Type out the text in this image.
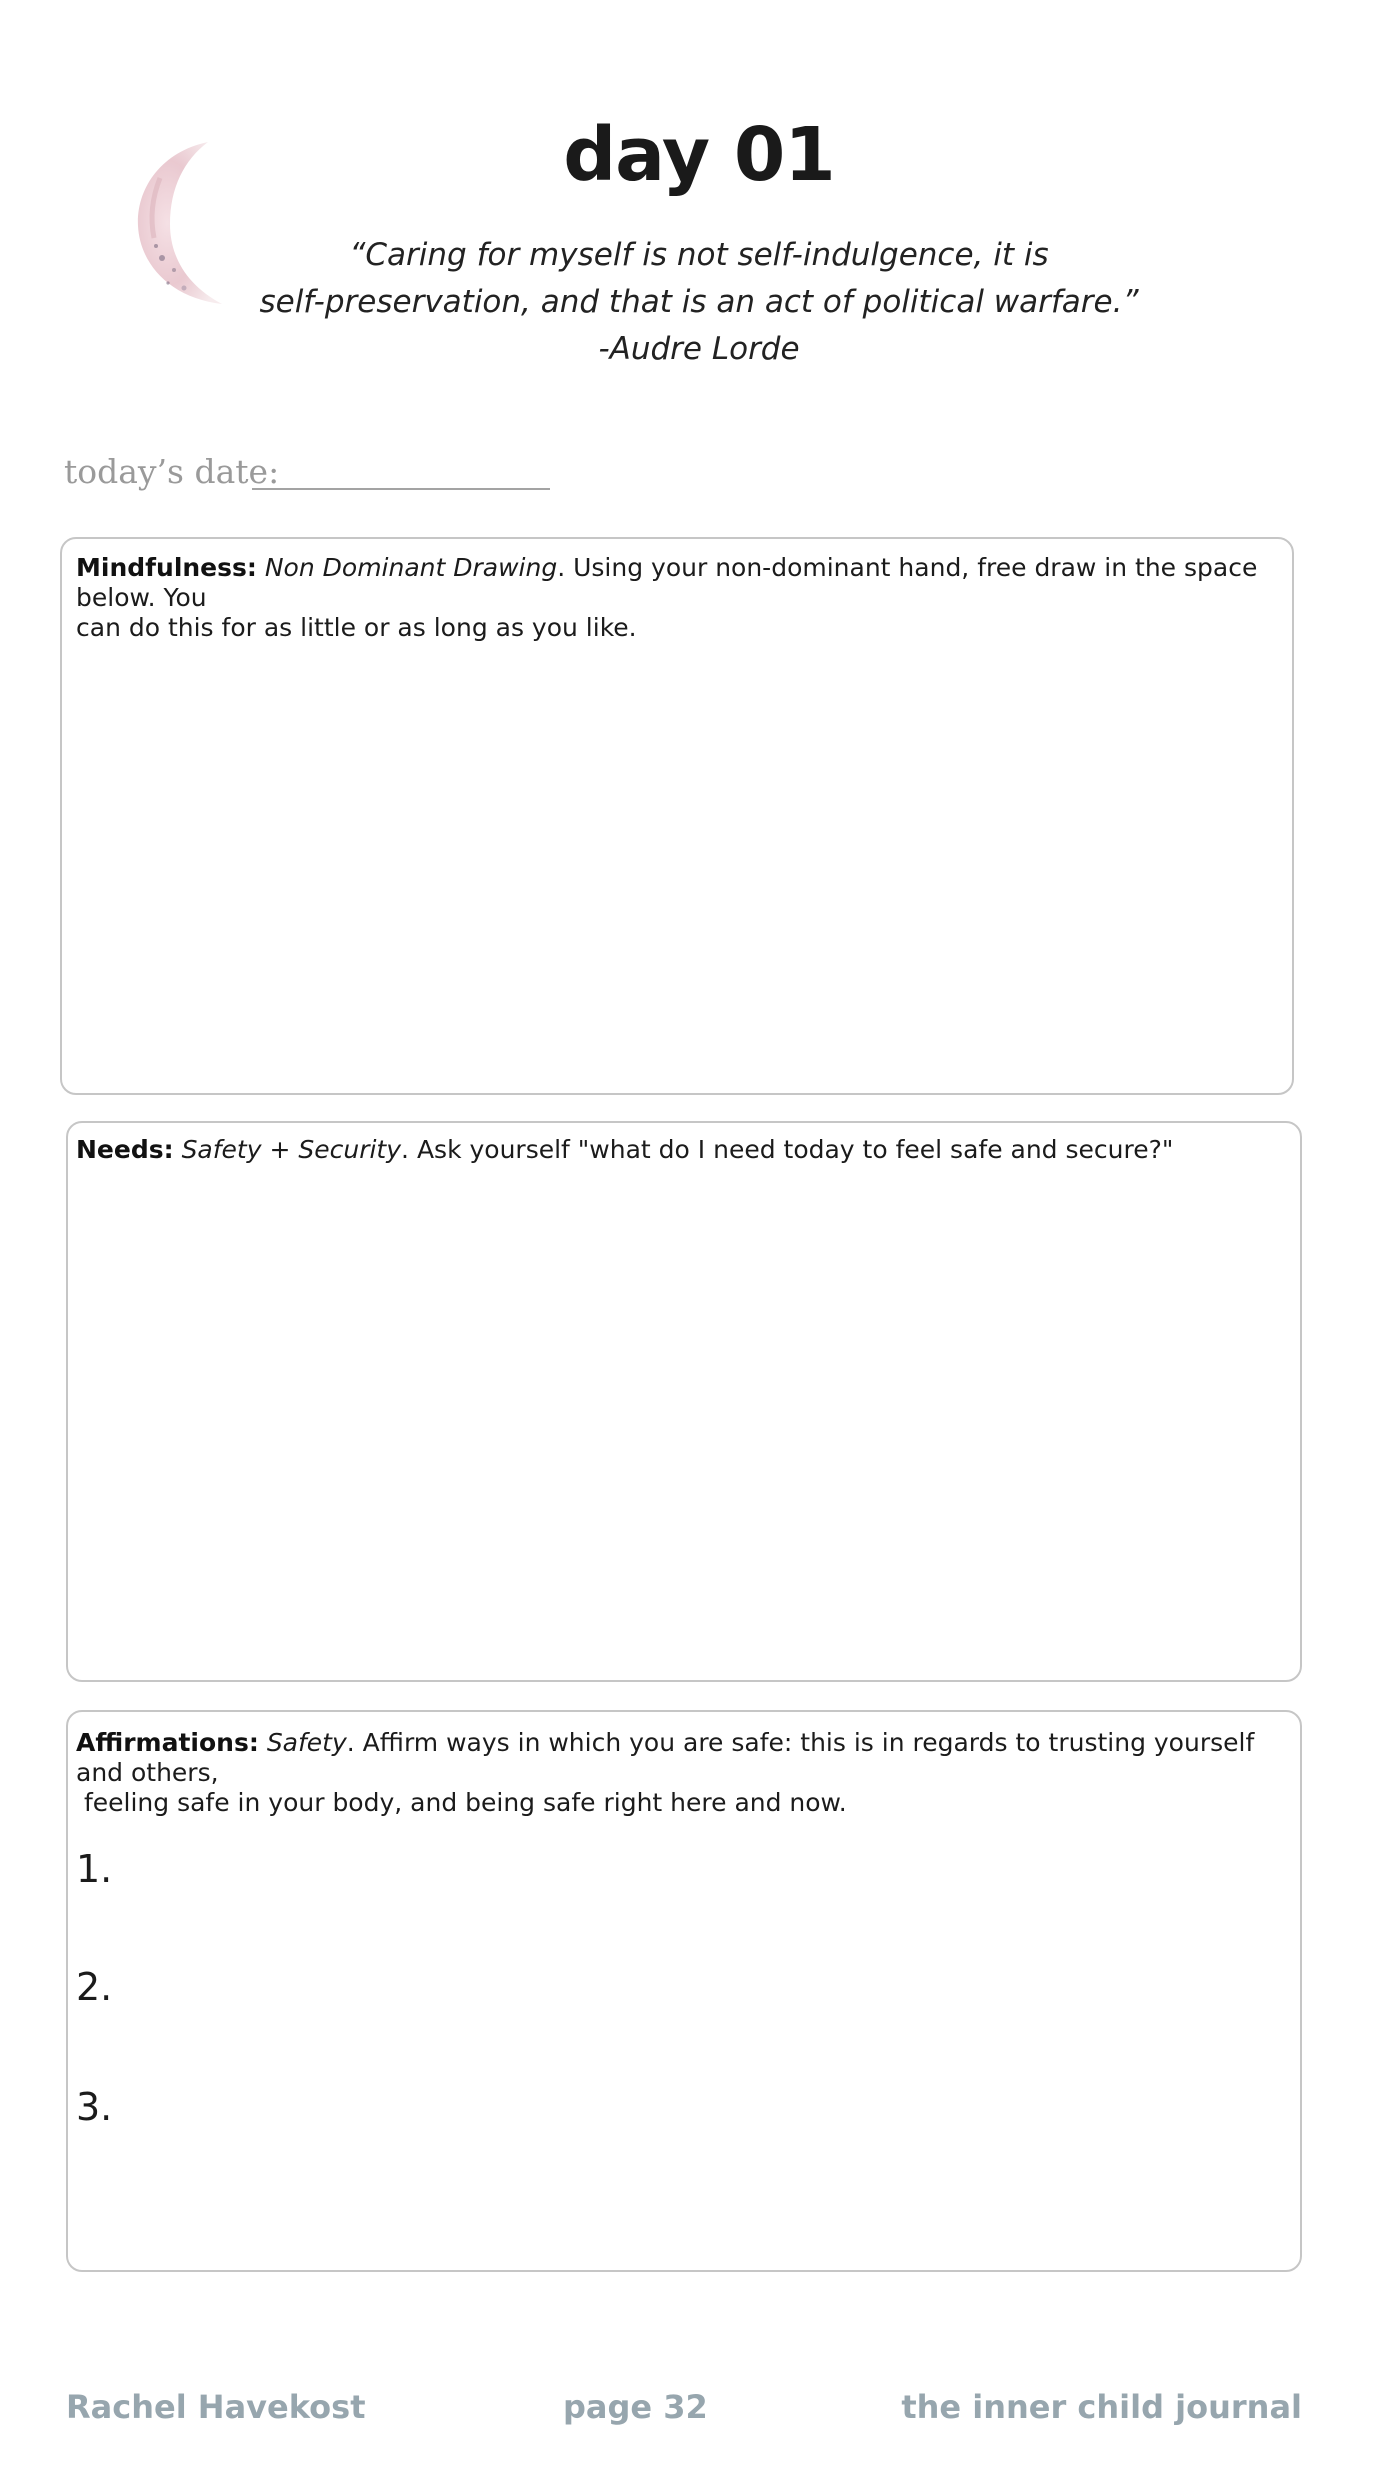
day 01
“Caring for myself is not self-indulgence, it is
self-preservation, and that is an act of political warfare.”
-Audre Lorde
today’s date:
Mindfulness: Non Dominant Drawing. Using your non-dominant hand, free draw in the space below. You
can do this for as little or as long as you like.
Needs: Safety + Security. Ask yourself "what do I need today to feel safe and secure?"
Affirmations: Safety. Affirm ways in which you are safe: this is in regards to trusting yourself and others,
feeling safe in your body, and being safe right here and now.
1.
2.
3.
Rachel Havekost	page 32	the inner child journal
